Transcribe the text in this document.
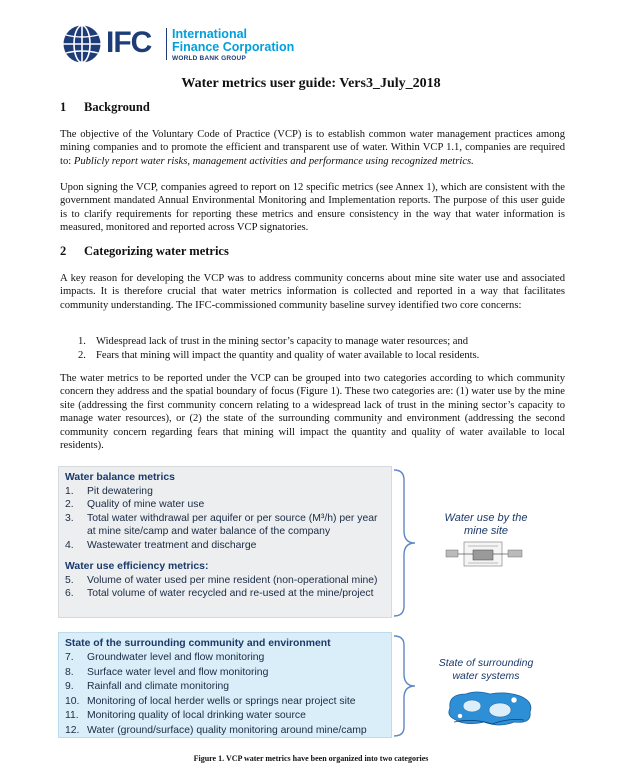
IFC International
Finance Corporation
WORLD BANK GROUP
Water metrics user guide: Vers3_July_2018
1 Background

The objective of the Voluntary Code of Practice (VCP) is to establish common water management practices among mining companies and to promote the efficient and transparent use of water. Within VCP 1.1, companies are required to: Publicly report water risks, management activities and performance using recognized metrics.

Upon signing the VCP, companies agreed to report on 12 specific metrics (see Annex 1), which are consistent with the government mandated Annual Environmental Monitoring and Implementation reports. The purpose of this user guide is to clarify requirements for reporting these metrics and ensure consistency in the way that water information is measured, monitored and reported across VCP signatories.

2 Categorizing water metrics

A key reason for developing the VCP was to address community concerns about mine site water use and associated impacts. It is therefore crucial that water metrics information is collected and reported in a way that facilitates community understanding. The IFC-commissioned community baseline survey identified two core concerns:

1. Widespread lack of trust in the mining sector’s capacity to manage water resources; and
2. Fears that mining will impact the quantity and quality of water available to local residents.

The water metrics to be reported under the VCP can be grouped into two categories according to which community concern they address and the spatial boundary of focus (Figure 1). These two categories are: (1) water use by the mine site (addressing the first community concern relating to a widespread lack of trust in the mining sector’s capacity to manage water resources), or (2) the state of the surrounding community and environment (addressing the second community concern regarding fears that mining will impact the quantity and quality of water available to local residents).

Water balance metrics
1.	Pit dewatering
2.	Quality of mine water use
3.	Total water withdrawal per aquifer or per source (M³/h) per year
at mine site/camp and water balance of the company
4.	Wastewater treatment and discharge
Water use efficiency metrics:
5.	Volume of water used per mine resident (non-operational mine)
6.	Total volume of water recycled and re-used at the mine/project
Water use by the
mine site
State of the surrounding community and environment
7.	Groundwater level and flow monitoring
8.	Surface water level and flow monitoring
9.	Rainfall and climate monitoring
10. Monitoring of local herder wells or springs near project site
11. Monitoring quality of local drinking water source
12. Water (ground/surface) quality monitoring around mine/camp
State of surrounding
water systems
Figure 1. VCP water metrics have been organized into two categories
